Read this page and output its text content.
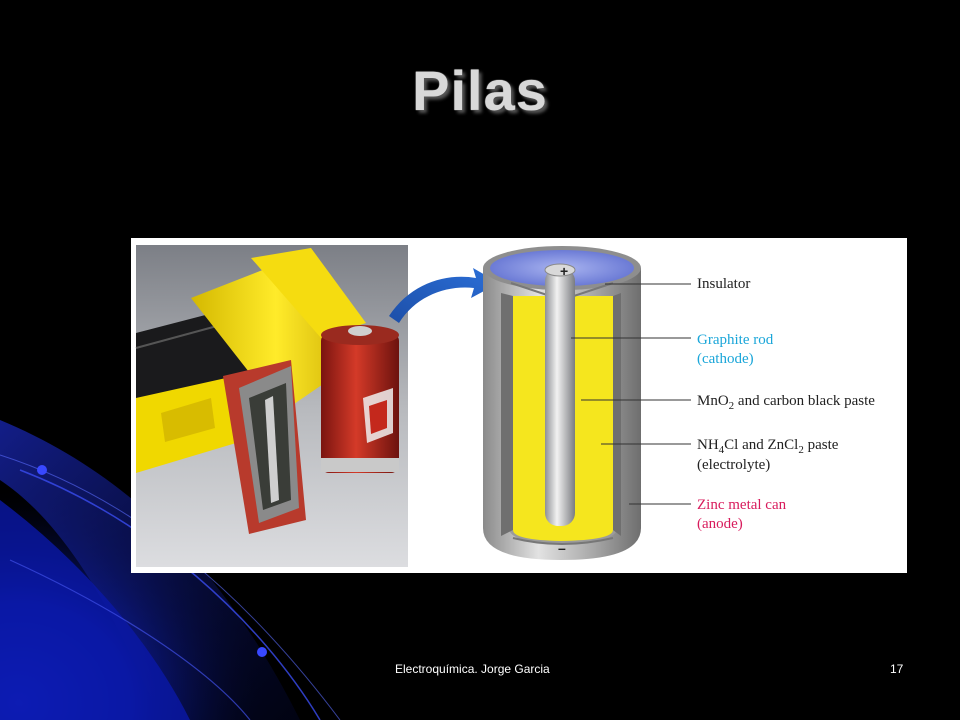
Pilas
+
–
Insulator
Graphite rod
(cathode)
MnO$_2$ and carbon black paste
$NH_4Cl$ and ZnCl$_2$ paste
(electrolyte)
Zinc metal can
(anode)
Electroquímica. Jorge Garcia	17
